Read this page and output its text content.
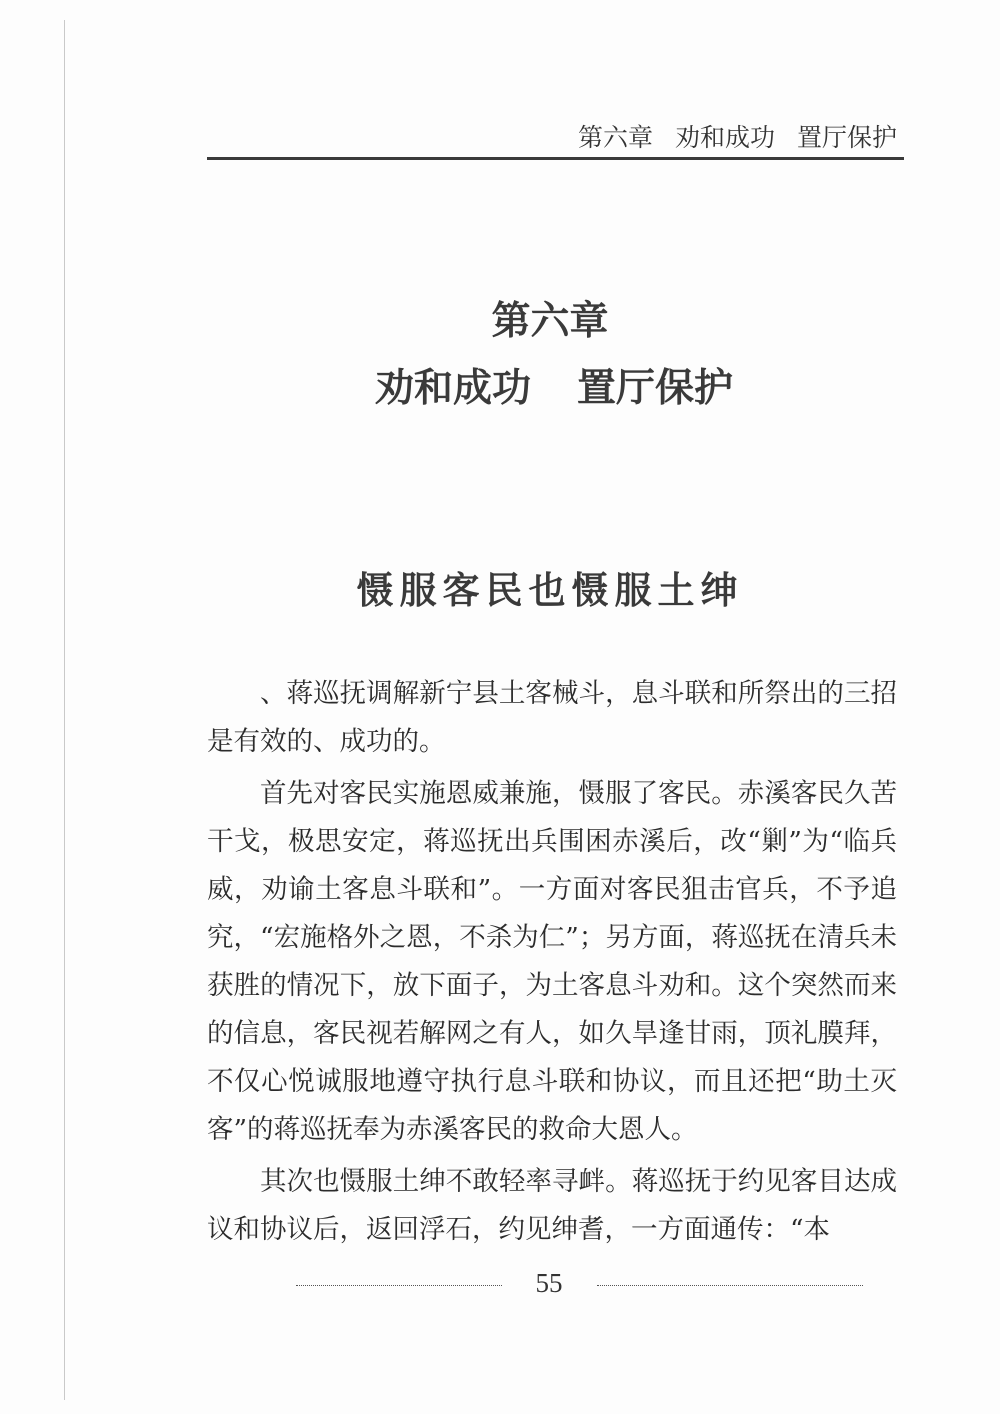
第六章 劝和成功 置厅保护
第六章
劝和成功 置厅保护
慑服客民也慑服土绅

、蒋巡抚调解新宁县土客械斗，息斗联和所祭出的三招是有效的、成功的。

首先对客民实施恩威兼施，慑服了客民。赤溪客民久苦干戈，极思安定，蒋巡抚出兵围困赤溪后，改“剿”为“临兵威，劝谕土客息斗联和”。一方面对客民狙击官兵，不予追究，“宏施格外之恩，不杀为仁”；另方面，蒋巡抚在清兵未获胜的情况下，放下面子，为土客息斗劝和。这个突然而来的信息，客民视若解网之有人，如久旱逢甘雨，顶礼膜拜，不仅心悦诚服地遵守执行息斗联和协议，而且还把“助土灭客”的蒋巡抚奉为赤溪客民的救命大恩人。

其次也慑服土绅不敢轻率寻衅。蒋巡抚于约见客目达成议和协议后，返回浮石，约见绅耆，一方面通传：“本

55
